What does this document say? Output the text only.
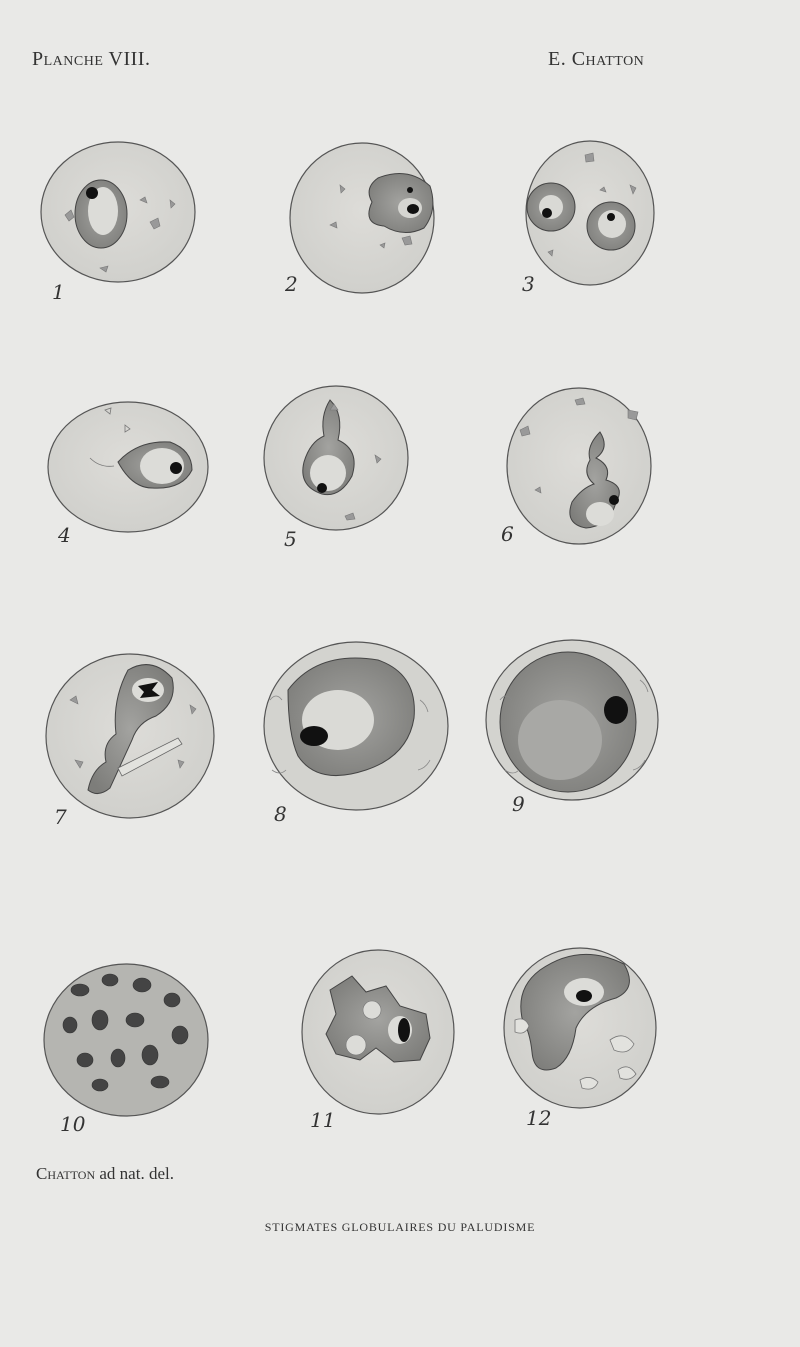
Planche VIII.	E. Chatton
1	2	3
4	5	6
7	8	9
10	11	12
Chatton ad nat. del.
STIGMATES GLOBULAIRES DU PALUDISME
